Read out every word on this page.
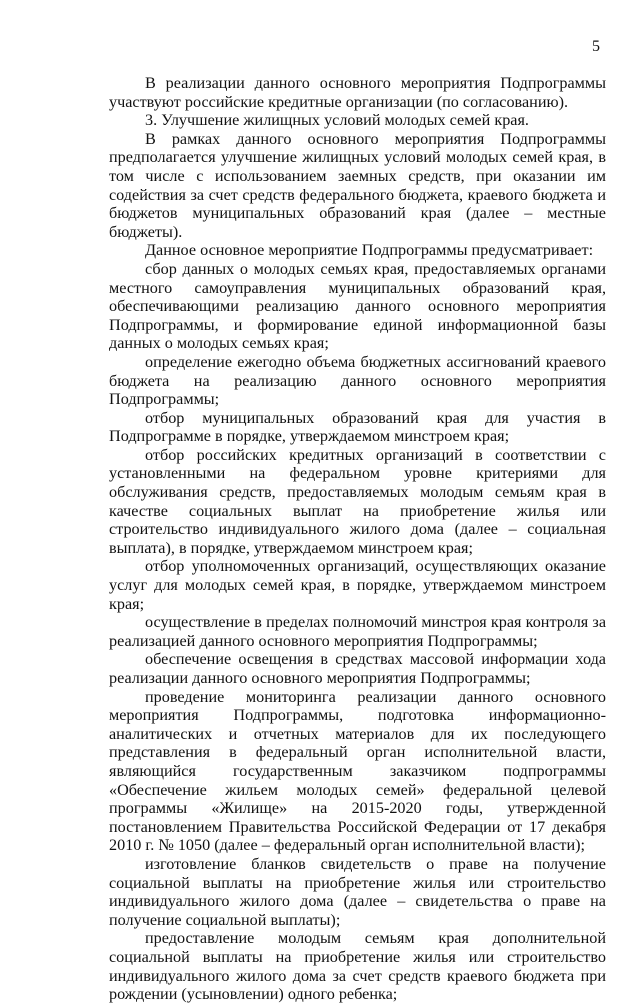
5

В реализации данного основного мероприятия Подпрограммы участвуют российские кредитные организации (по согласованию).

3. Улучшение жилищных условий молодых семей края.

В рамках данного основного мероприятия Подпрограммы предполагается улучшение жилищных условий молодых семей края, в том числе с использованием заемных средств, при оказании им содействия за счет средств федерального бюджета, краевого бюджета и бюджетов муниципальных образований края (далее – местные бюджеты).

Данное основное мероприятие Подпрограммы предусматривает:

сбор данных о молодых семьях края, предоставляемых органами местного самоуправления муниципальных образований края, обеспечивающими реализацию данного основного мероприятия Подпрограммы, и формирование единой информационной базы данных о молодых семьях края;

определение ежегодно объема бюджетных ассигнований краевого бюджета на реализацию данного основного мероприятия Подпрограммы;

отбор муниципальных образований края для участия в Подпрограмме в порядке, утверждаемом минстроем края;

отбор российских кредитных организаций в соответствии с установленными на федеральном уровне критериями для обслуживания средств, предоставляемых молодым семьям края в качестве социальных выплат на приобретение жилья или строительство индивидуального жилого дома (далее – социальная выплата), в порядке, утверждаемом минстроем края;

отбор уполномоченных организаций, осуществляющих оказание услуг для молодых семей края, в порядке, утверждаемом минстроем края;

осуществление в пределах полномочий минстроя края контроля за реализацией данного основного мероприятия Подпрограммы;

обеспечение освещения в средствах массовой информации хода реализации данного основного мероприятия Подпрограммы;

проведение мониторинга реализации данного основного мероприятия Подпрограммы, подготовка информационно-аналитических и отчетных материалов для их последующего представления в федеральный орган исполнительной власти, являющийся государственным заказчиком подпрограммы «Обеспечение жильем молодых семей» федеральной целевой программы «Жилище» на 2015-2020 годы, утвержденной постановлением Правительства Российской Федерации от 17 декабря 2010 г. № 1050 (далее – федеральный орган исполнительной власти);

изготовление бланков свидетельств о праве на получение социальной выплаты на приобретение жилья или строительство индивидуального жилого дома (далее – свидетельства о праве на получение социальной выплаты);

предоставление молодым семьям края дополнительной социальной выплаты на приобретение жилья или строительство индивидуального жилого дома за счет средств краевого бюджета при рождении (усыновлении) одного ребенка;
